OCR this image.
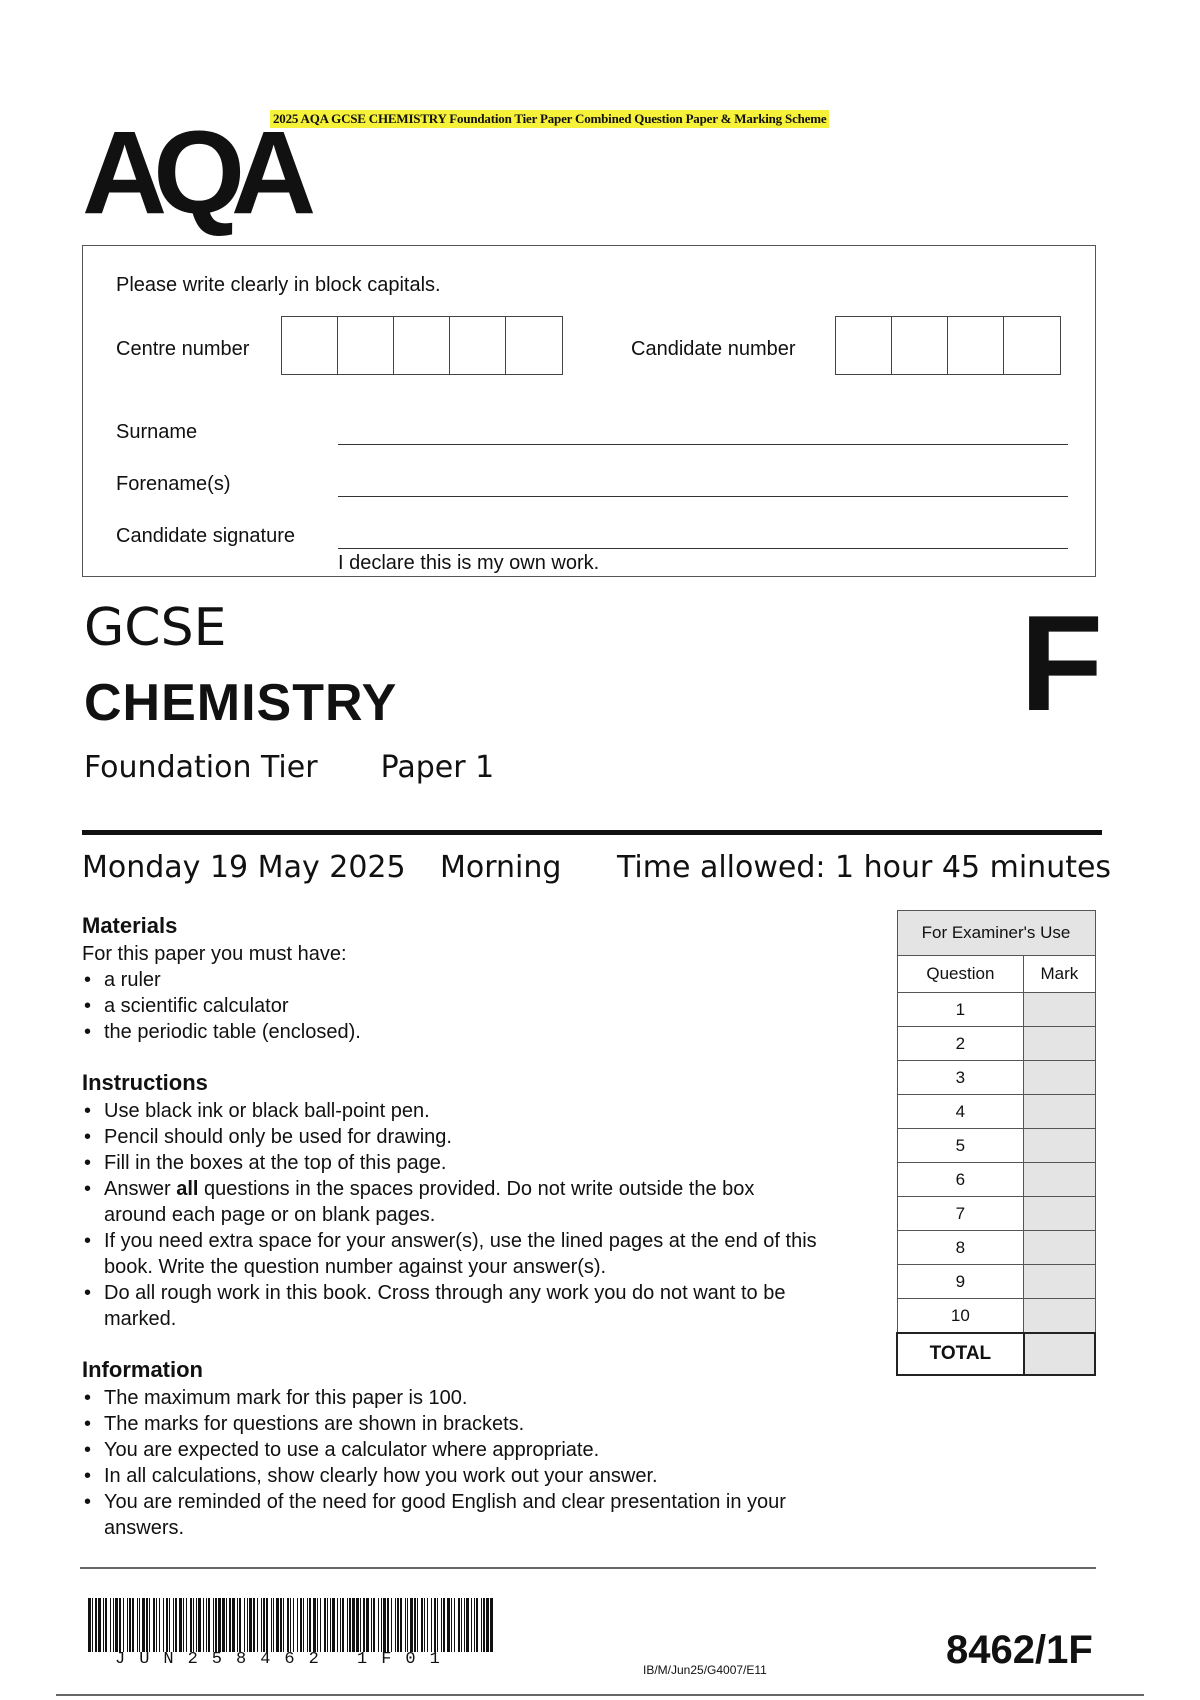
2025 AQA GCSE CHEMISTRY Foundation Tier Paper Combined Question Paper & Marking Scheme
AQA
Please write clearly in block capitals.
Centre number	Candidate number
Surname
Forename(s)
Candidate signature
I declare this is my own work.
GCSE
CHEMISTRY
Foundation Tier Paper 1
F
Monday 19 May 2025 Morning Time allowed: 1 hour 45 minutes
Materials

For this paper you must have:

• a ruler
• a scientific calculator
• the periodic table (enclosed).
Instructions
• Use black ink or black ball-point pen.
• Pencil should only be used for drawing.
• Fill in the boxes at the top of this page.
• Answer all questions in the spaces provided. Do not write outside the box around each page or on blank pages.
• If you need extra space for your answer(s), use the lined pages at the end of this book. Write the question number against your answer(s).
• Do all rough work in this book. Cross through any work you do not want to be marked.
Information
• The maximum mark for this paper is 100.
• The marks for questions are shown in brackets.
• You are expected to use a calculator where appropriate.
• In all calculations, show clearly how you work out your answer.
• You are reminded of the need for good English and clear presentation in your answers.
For Examiner's Use	
Question	Mark
1	
2	
3	
4	
5	
6	
7	
8	
9	
10	
TOTAL	
JUN258462 1F01
IB/M/Jun25/G4007/E11	8462/1F
